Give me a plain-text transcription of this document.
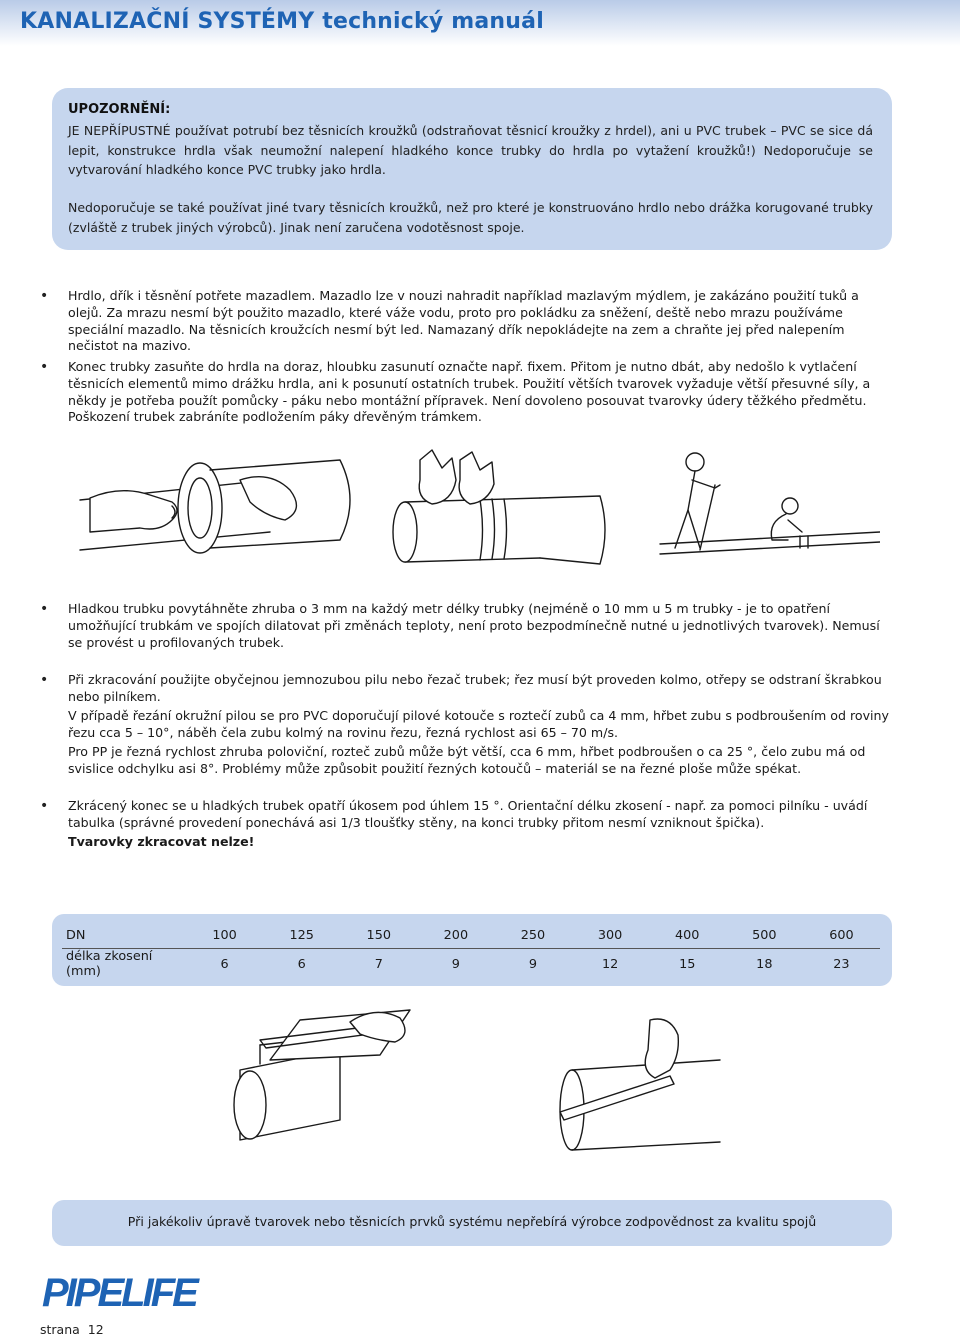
KANALIZAČNÍ SYSTÉMY technický manuál
UPOZORNĚNÍ:
JE NEPŘÍPUSTNÉ používat potrubí bez těsnicích kroužků (odstraňovat těsnicí kroužky z hrdel), ani u PVC trubek – PVC se sice dá lepit, konstrukce hrdla však neumožní nalepení hladkého konce trubky do hrdla po vytažení kroužků!) Nedoporučuje se vytvarování hladkého konce PVC trubky jako hrdla.
Nedoporučuje se také používat jiné tvary těsnicích kroužků, než pro které je konstruováno hrdlo nebo drážka korugované trubky (zvláště z trubek jiných výrobců). Jinak není zaručena vodotěsnost spoje.
• Hrdlo, dřík i těsnění potřete mazadlem. Mazadlo lze v nouzi nahradit například mazlavým mýdlem, je zakázáno použití tuků a olejů. Za mrazu nesmí být použito mazadlo, které váže vodu, proto pro pokládku za sněžení, deště nebo mrazu používáme speciální mazadlo. Na těsnicích kroužcích nesmí být led. Namazaný dřík nepokládejte na zem a chraňte jej před nalepením nečistot na mazivo.
• Konec trubky zasuňte do hrdla na doraz, hloubku zasunutí označte např. fixem. Přitom je nutno dbát, aby nedošlo k vytlačení těsnicích elementů mimo drážku hrdla, ani k posunutí ostatních trubek. Použití větších tvarovek vyžaduje větší přesuvné síly, a někdy je potřeba použít pomůcky - páku nebo montážní přípravek. Není dovoleno posouvat tvarovky údery těžkého předmětu. Poškození trubek zabráníte podložením páky dřevěným trámkem.
• Hladkou trubku povytáhněte zhruba o 3 mm na každý metr délky trubky (nejméně o 10 mm u 5 m trubky - je to opatření umožňující trubkám ve spojích dilatovat při změnách teploty, není proto bezpodmínečně nutné u jednotlivých tvarovek). Nemusí se provést u profilovaných trubek.
• Při zkracování použijte obyčejnou jemnozubou pilu nebo řezač trubek; řez musí být proveden kolmo, otřepy se odstraní škrabkou nebo pilníkem.
V případě řezání okružní pilou se pro PVC doporučují pilové kotouče s roztečí zubů ca 4 mm, hřbet zubu s podbroušením od roviny řezu cca 5 – 10°, náběh čela zubu kolmý na rovinu řezu, řezná rychlost asi 65 – 70 m/s.
Pro PP je řezná rychlost zhruba poloviční, rozteč zubů může být větší, cca 6 mm, hřbet podbroušen o ca 25 °, čelo zubu má od svislice odchylku asi 8°. Problémy může způsobit použití řezných kotoučů – materiál se na řezné ploše může spékat.
• Zkrácený konec se u hladkých trubek opatří úkosem pod úhlem 15 °. Orientační délku zkosení - např. za pomoci pilníku - uvádí tabulka (správné provedení ponechává asi 1/3 tloušťky stěny, na konci trubky přitom nesmí vzniknout špička).
Tvarovky zkracovat nelze!
DN	100	125	150	200	250	300	400	500	600
délka zkosení (mm)	6	6	7	9	9	12	15	18	23
Při jakékoliv úpravě tvarovek nebo těsnicích prvků systému nepřebírá výrobce zodpovědnost za kvalitu spojů
PIPELIFE
strana 12
